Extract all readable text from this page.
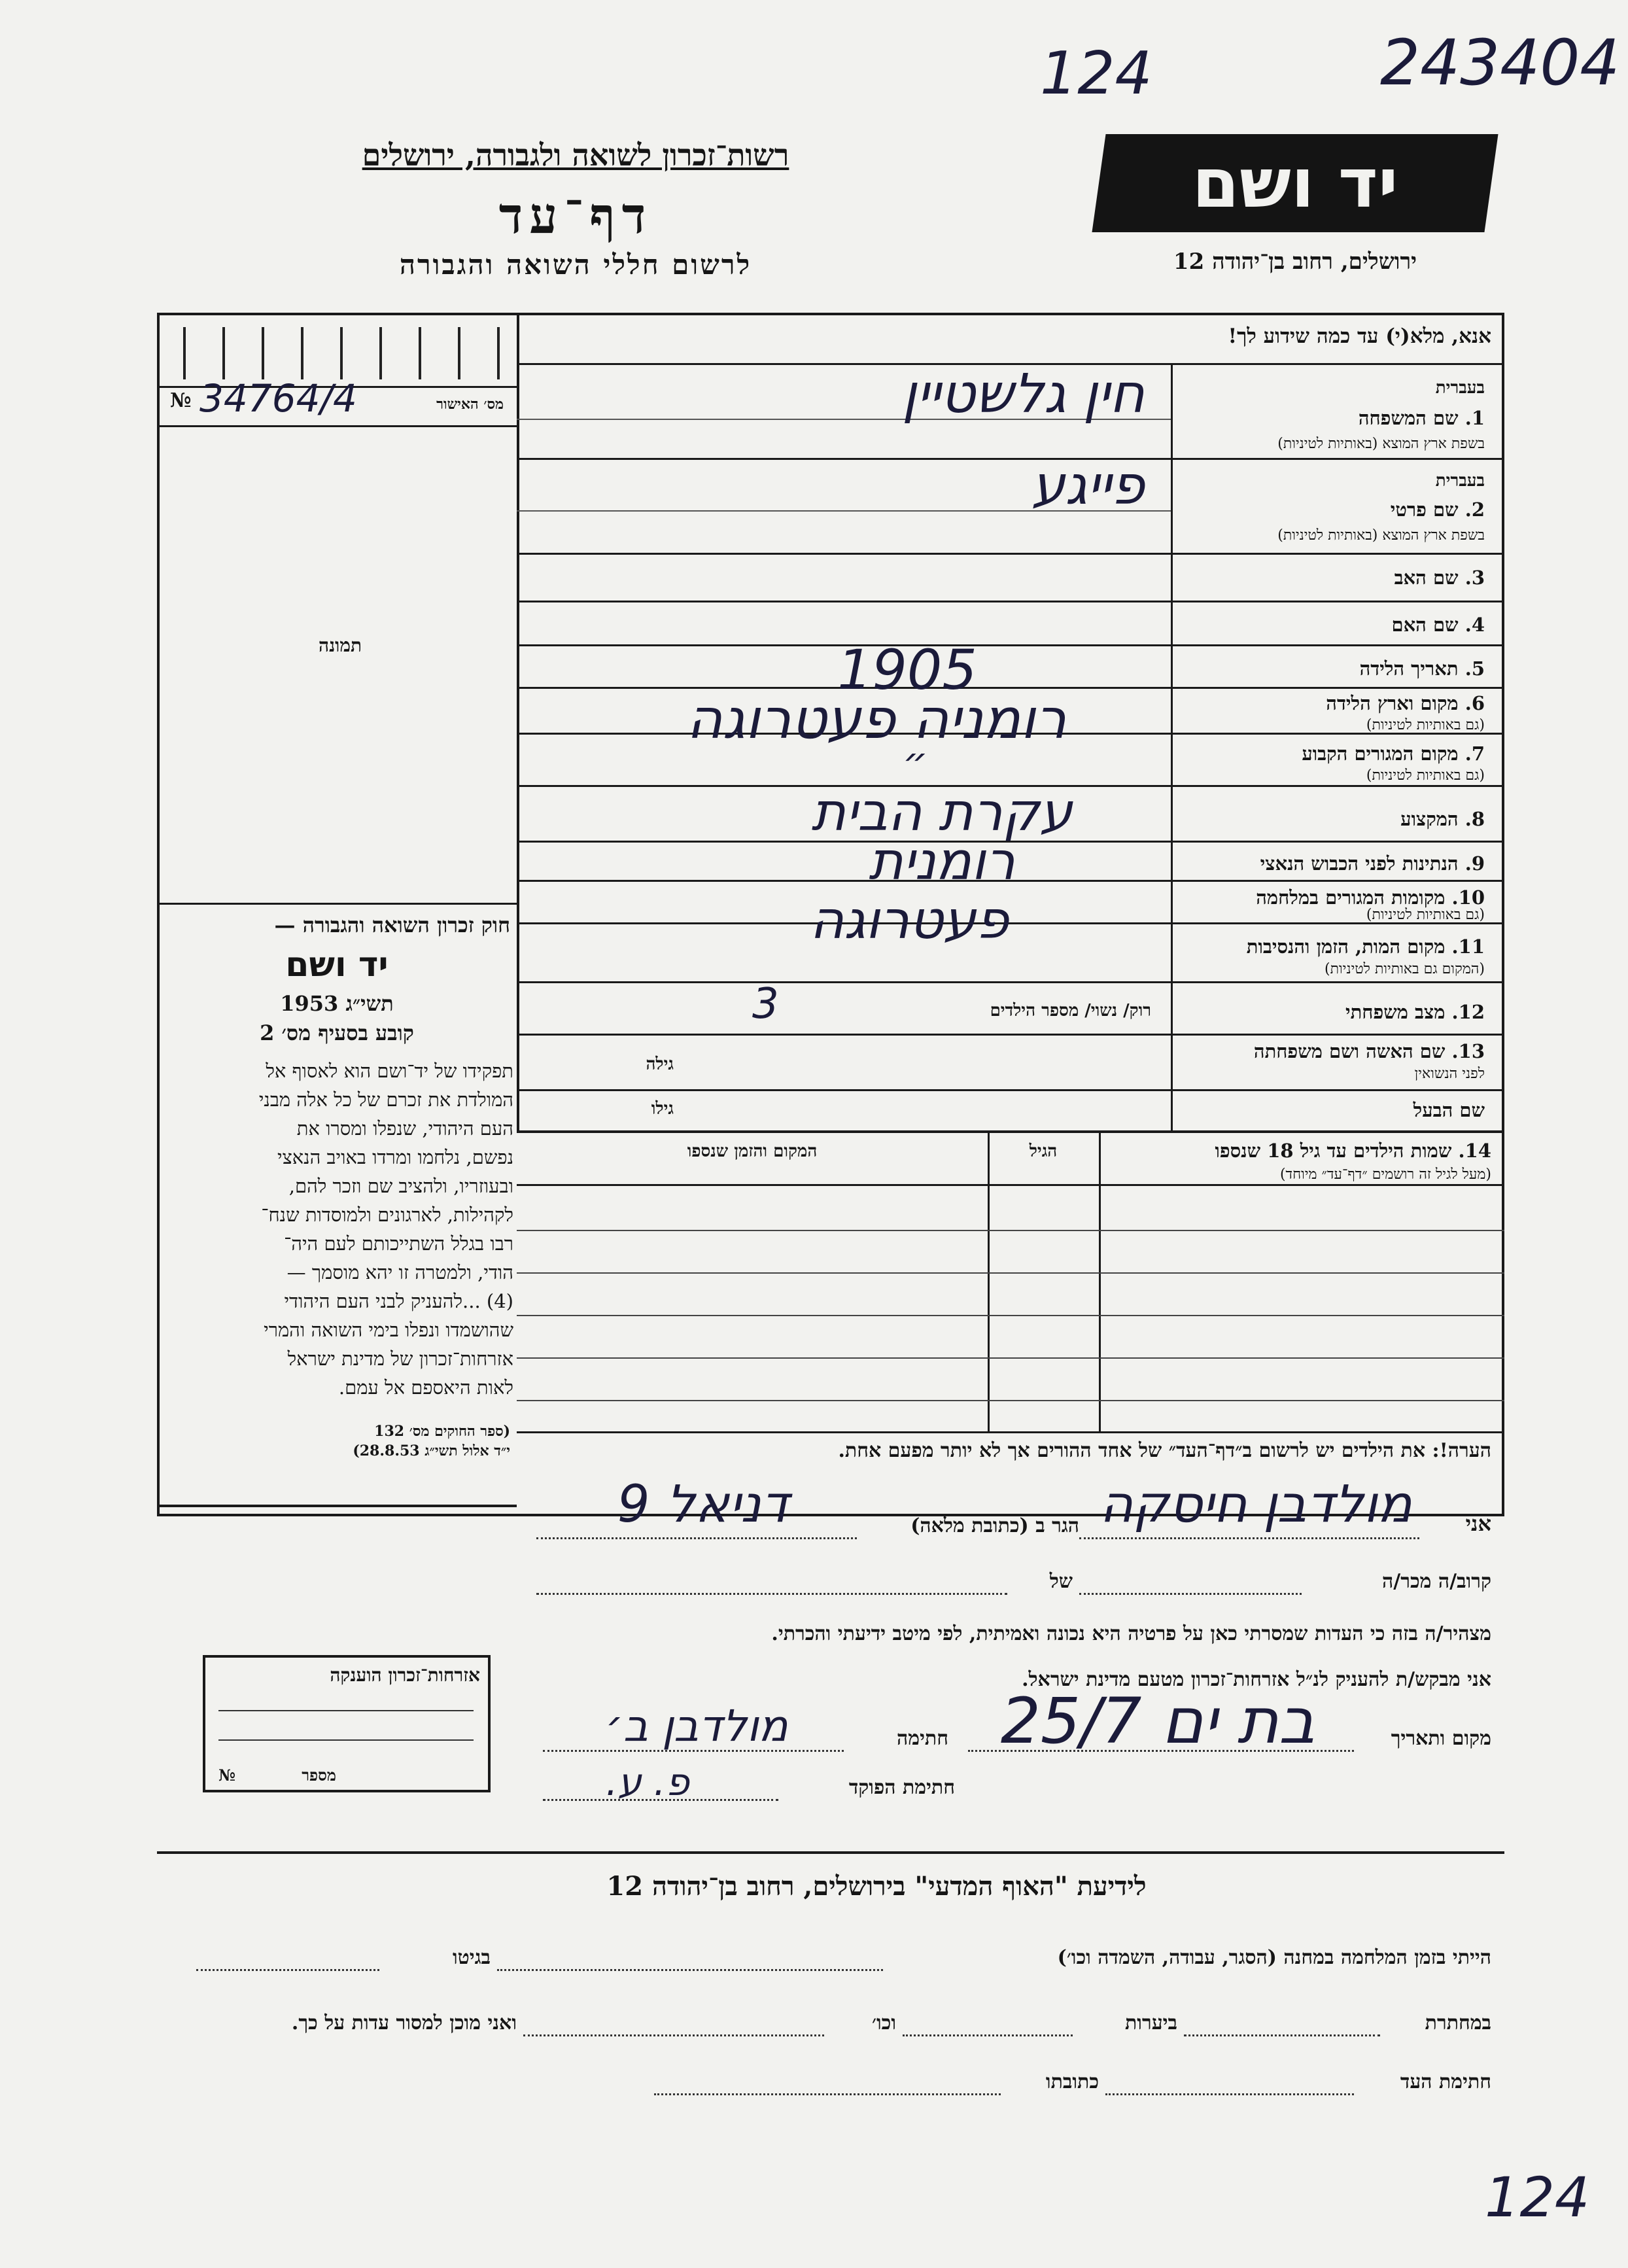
243404
124
124
רשות־זכרון לשואה ולגבורה, ירושלים
דף־עד
לרשום חללי השואה והגבורה
יד ושם
ירושלים, רחוב בן־יהודה 12
אנא, מלא(י) עד כמה שידוע לך!
מס׳ האישור
№ 34764/4
תמונה
חוק זכרון השואה והגבורה —
יד ושם
תשי״ג 1953
קובע בסעיף מס׳ 2
תפקידו של יד־ושם הוא לאסוף אל
המולדת את זכרם של כל אלה מבני
העם היהודי, שנפלו ומסרו את
נפשם, נלחמו ומרדו באויב הנאצי
ובעוזריו, ולהציב שם וזכר להם,
לקהילות, לארגונים ולמוסדות שנח־
רבו בגלל השתייכותם לעם היה־
הודי, ולמטרה זו יהא מוסמך —
(4) ...להעניק לבני העם היהודי
שהושמדו ונפלו בימי השואה והמרי
אזרחות־זכרון של מדינת ישראל
לאות היאספם אל עמם.
(ספר החוקים מס׳ 132
י״ד אלול תשי״ג 28.8.53)
בעברית
1. שם המשפחה
בשפת ארץ המוצא (באותיות לטיניות)
חין גלשטיין
בעברית
2. שם פרטי
בשפת ארץ המוצא (באותיות לטיניות)
פייגע
3. שם האב
4. שם האם
5. תאריך הלידה
1905
6. מקום וארץ הלידה
(גם באותיות לטיניות)
רומניה פעטרוגה
7. מקום המגורים הקבוע
(גם באותיות לטיניות)
״
8. המקצוע
עקרת הבית
9. הנתינות לפני הכבוש הנאצי
רומנית
10. מקומות המגורים במלחמה
(גם באותיות לטיניות)
פעטרוגה	11. מקום המות, הזמן והנסיבות
(המקום גם באותיות לטיניות)
12. מצב משפחתי
רוק/ נשוי/ מספר הילדים
3
13. שם האשה ושם משפחתה
לפני הנשואין
גילה
שם הבעל
גילו
14. שמות הילדים עד גיל 18 שנספו
(מעל לגיל זה רושמים ״דף־עד״ מיוחד)
הגיל
המקום והזמן שנספו
הערה!: את הילדים יש לרשום ב״דף־העד״ של אחד ההורים אך לא יותר מפעם אחת.
אני
מולדבן חיסקה
הגר ב (כתובת מלאה)
דניאל 9
קרוב/ה מכר/ה
של
מצהיר/ה בזה כי העדות שמסרתי כאן על פרטיה היא נכונה ואמיתית, לפי מיטב ידיעתי והכרתי.
אני מבקש/ת להעניק לנ״ל אזרחות־זכרון מטעם מדינת ישראל.
מקום ותאריך
בת ים 25/7
חתימה
מולדבן ב׳
חתימת הפוקד
פ. ע.
אזרחות־זכרון הוענקה
№	מספר
לידיעת "האוף המדעי" בירושלים, רחוב בן־יהודה 12
הייתי בזמן המלחמה במחנה (הסגר, עבודה, השמדה וכו׳)
בגיטו
במחתרת
ביערות
וכו׳
ואני מוכן למסור עדות על כך.
חתימת העד
כתובתו
